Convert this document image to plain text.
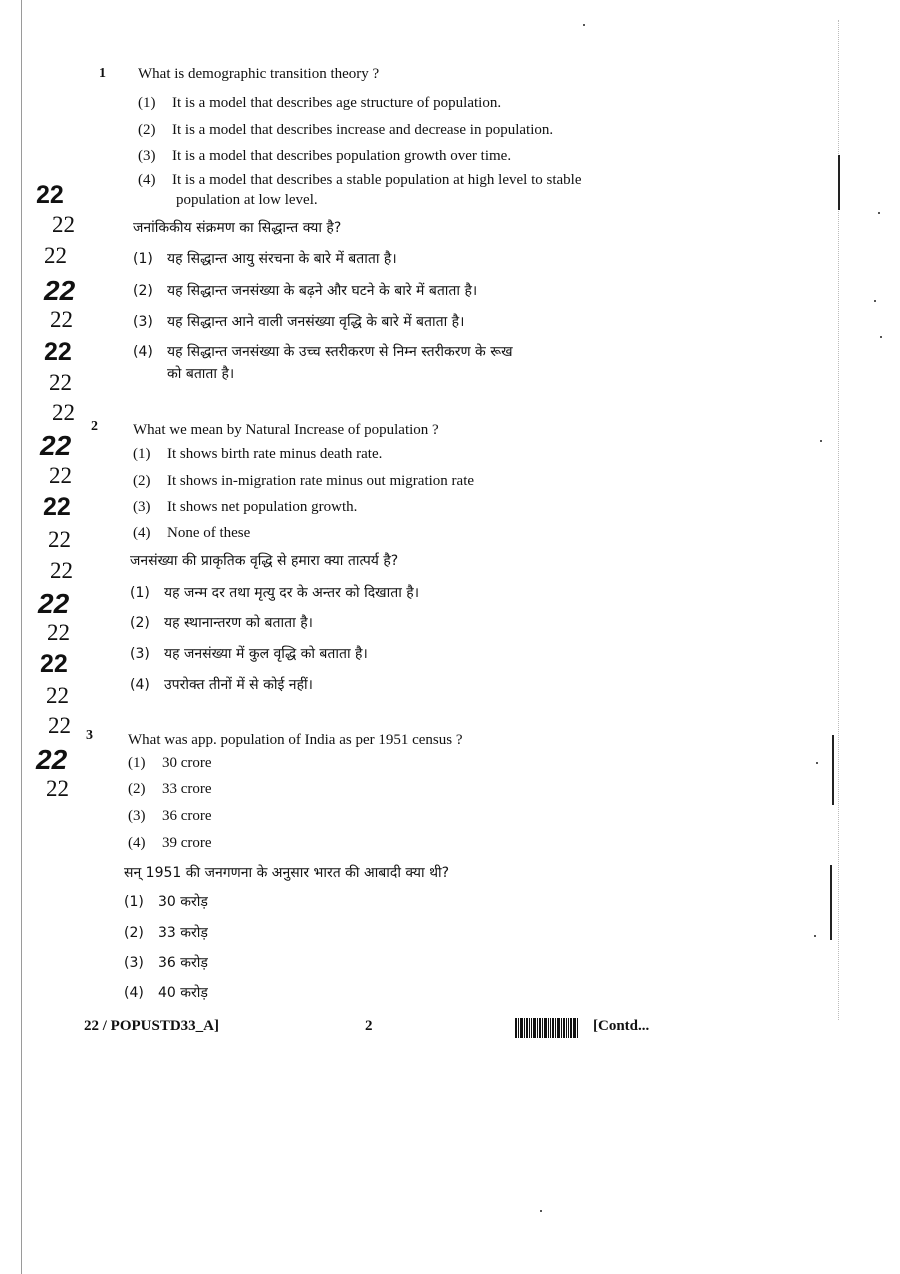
22
22
22
22
22
22
22
22
22
22
22
22
22
22
22
22
22
22
22
22
1 What is demographic transition theory ?
(1) It is a model that describes age structure of population.
(2) It is a model that describes increase and decrease in population.
(3) It is a model that describes population growth over time.
(4) It is a model that describes a stable population at high level to stable
population at low level.
जनांकिकीय संक्रमण का सिद्धान्त क्या है?
(1) यह सिद्धान्त आयु संरचना के बारे में बताता है।
(2) यह सिद्धान्त जनसंख्या के बढ़ने और घटने के बारे में बताता है।
(3) यह सिद्धान्त आने वाली जनसंख्या वृद्धि के बारे में बताता है।
(4) यह सिद्धान्त जनसंख्या के उच्च स्तरीकरण से निम्न स्तरीकरण के रूख
को बताता है।
2 What we mean by Natural Increase of population ?
(1) It shows birth rate minus death rate.
(2) It shows in-migration rate minus out migration rate
(3) It shows net population growth.
(4) None of these
जनसंख्या की प्राकृतिक वृद्धि से हमारा क्या तात्पर्य है?
(1) यह जन्म दर तथा मृत्यु दर के अन्तर को दिखाता है।
(2) यह स्थानान्तरण को बताता है।
(3) यह जनसंख्या में कुल वृद्धि को बताता है।
(4) उपरोक्त तीनों में से कोई नहीं।
3 What was app. population of India as per 1951 census ?
(1) 30 crore
(2) 33 crore
(3) 36 crore
(4) 39 crore
सन् 1951 की जनगणना के अनुसार भारत की आबादी क्या थी?
(1) 30 करोड़
(2) 33 करोड़
(3) 36 करोड़
(4) 40 करोड़
22 / POPUSTD33_A]	2	[Contd...
